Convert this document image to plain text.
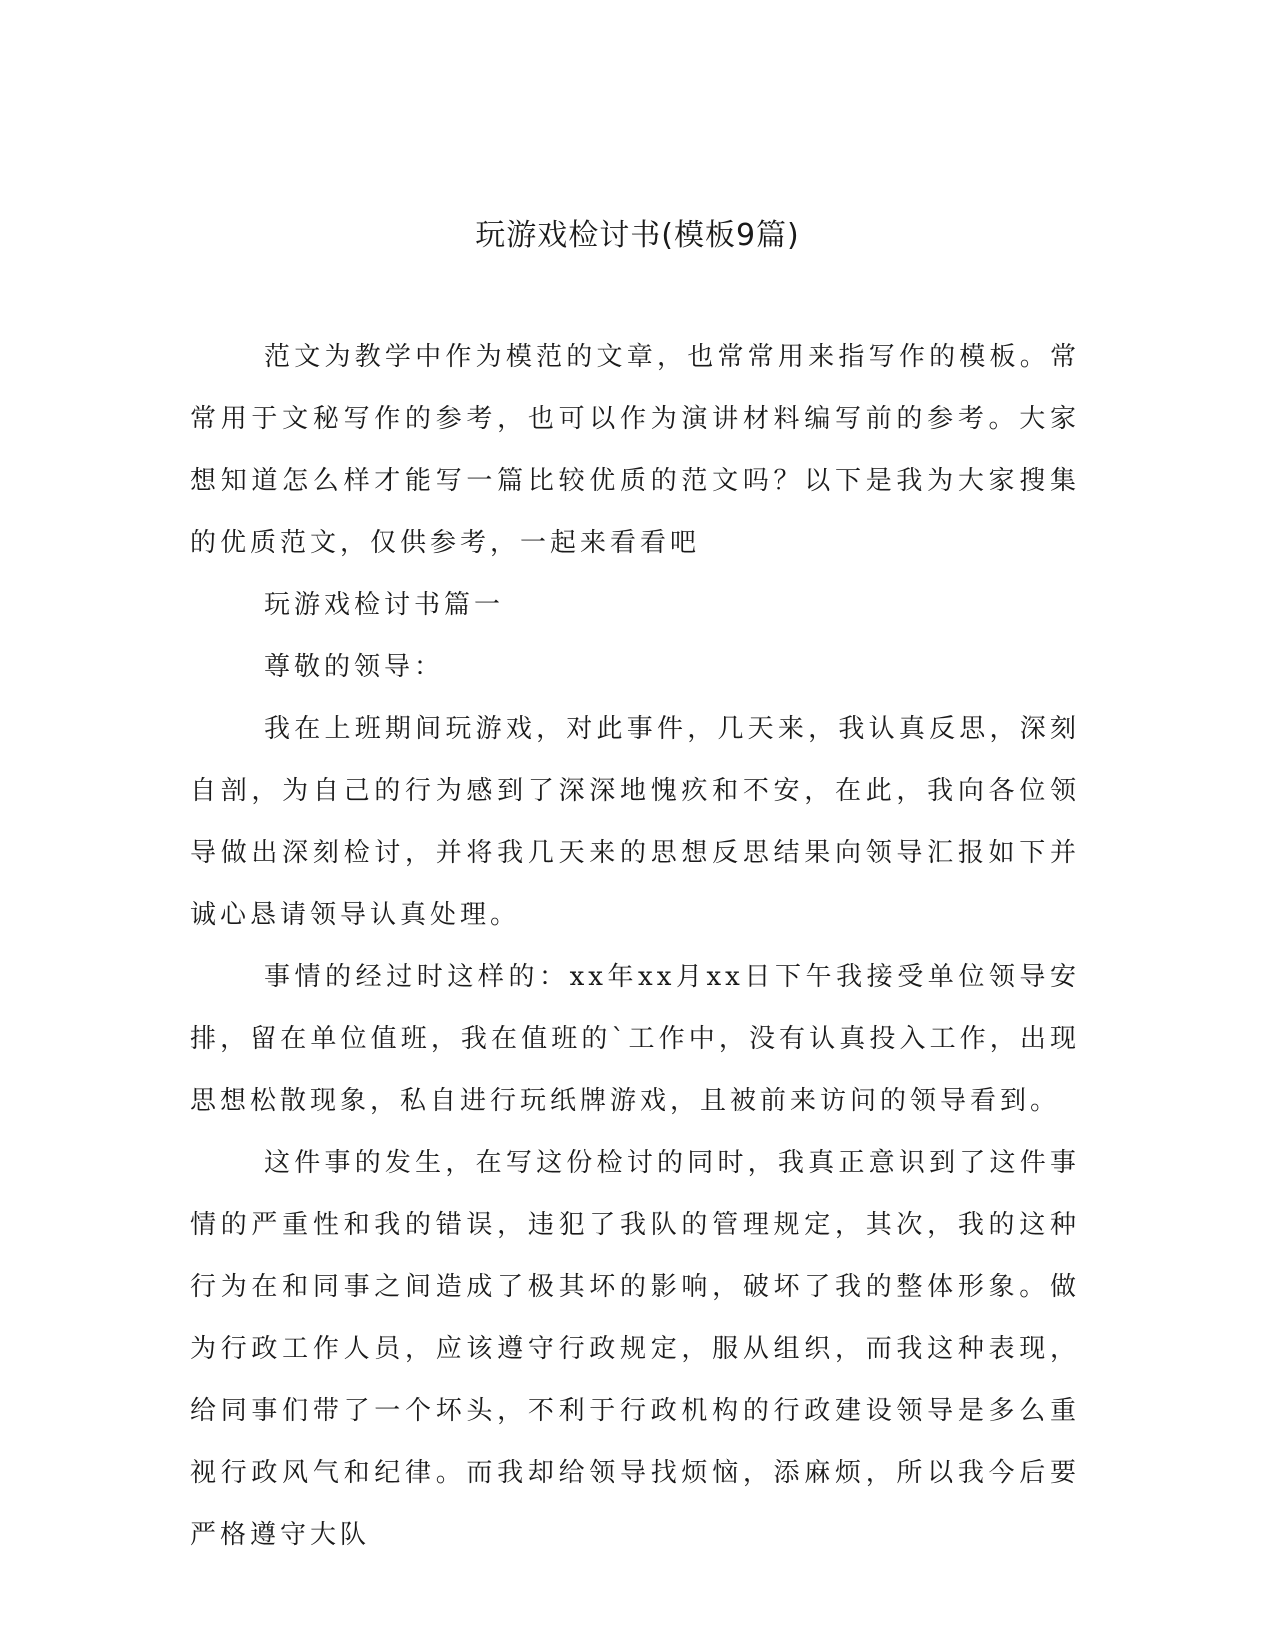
玩游戏检讨书(模板9篇)

范文为教学中作为模范的文章，也常常用来指写作的模板。常常用于文秘写作的参考，也可以作为演讲材料编写前的参考。大家想知道怎么样才能写一篇比较优质的范文吗？以下是我为大家搜集的优质范文，仅供参考，一起来看看吧

玩游戏检讨书篇一

尊敬的领导：

我在上班期间玩游戏，对此事件，几天来，我认真反思，深刻自剖，为自己的行为感到了深深地愧疚和不安，在此，我向各位领导做出深刻检讨，并将我几天来的思想反思结果向领导汇报如下并诚心恳请领导认真处理。

事情的经过时这样的：xx年xx月xx日下午我接受单位领导安排，留在单位值班，我在值班的`工作中，没有认真投入工作，出现思想松散现象，私自进行玩纸牌游戏，且被前来访问的领导看到。

这件事的发生，在写这份检讨的同时，我真正意识到了这件事情的严重性和我的错误，违犯了我队的管理规定，其次，我的这种行为在和同事之间造成了极其坏的影响，破坏了我的整体形象。做为行政工作人员，应该遵守行政规定，服从组织，而我这种表现，给同事们带了一个坏头，不利于行政机构的行政建设领导是多么重视行政风气和纪律。而我却给领导找烦恼，添麻烦，所以我今后要严格遵守大队
